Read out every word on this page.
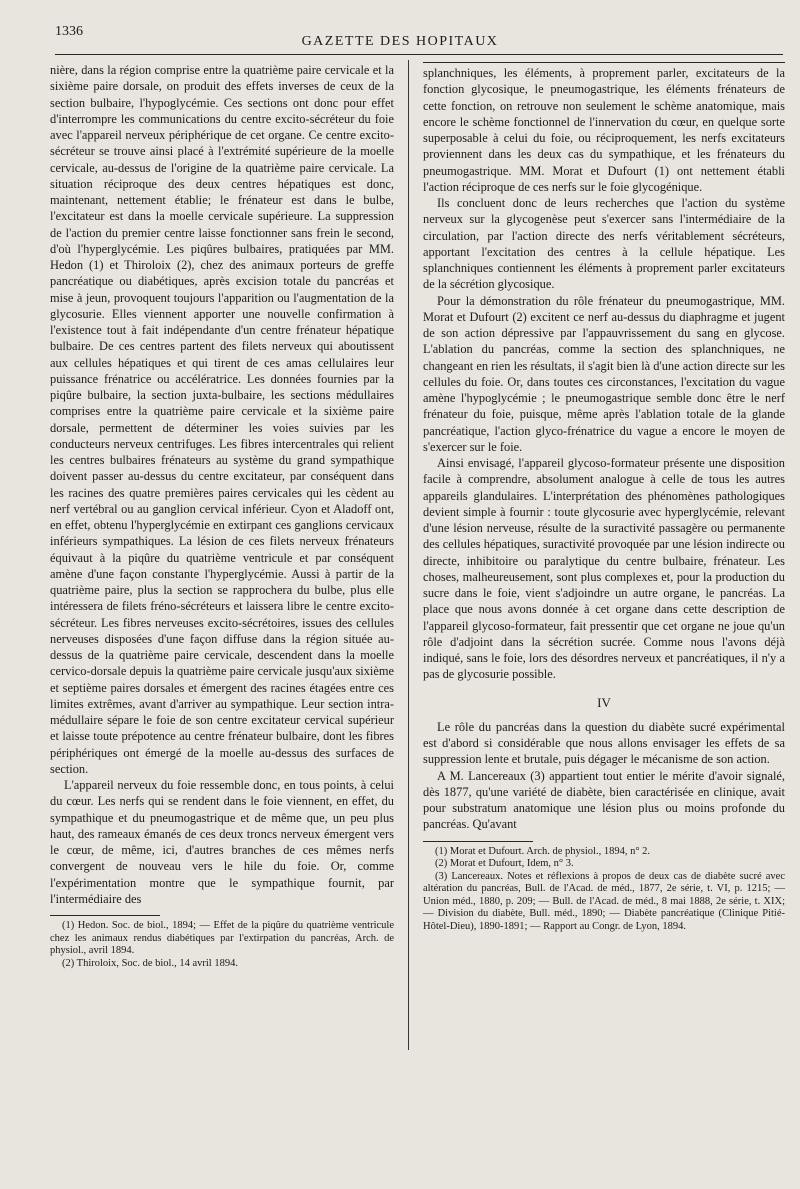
1336
GAZETTE DES HOPITAUX

nière, dans la région comprise entre la quatrième paire cervicale et la sixième paire dorsale, on produit des effets inverses de ceux de la section bulbaire, l'hypoglycémie. Ces sections ont donc pour effet d'interrompre les communications du centre excito-sécréteur du foie avec l'appareil nerveux périphérique de cet organe. Ce centre excito-sécréteur se trouve ainsi placé à l'extrémité supérieure de la moelle cervicale, au-dessus de l'origine de la quatrième paire cervicale. La situation réciproque des deux centres hépatiques est donc, maintenant, nettement établie; le frénateur est dans le bulbe, l'excitateur est dans la moelle cervicale supérieure. La suppression de l'action du premier centre laisse fonctionner sans frein le second, d'où l'hyperglycémie. Les piqûres bulbaires, pratiquées par MM. Hedon (1) et Thiroloix (2), chez des animaux porteurs de greffe pancréatique ou diabétiques, après excision totale du pancréas et mise à jeun, provoquent toujours l'apparition ou l'augmentation de la glycosurie. Elles viennent apporter une nouvelle confirmation à l'existence tout à fait indépendante d'un centre frénateur hépatique bulbaire. De ces centres partent des filets nerveux qui aboutissent aux cellules hépatiques et qui tirent de ces amas cellulaires leur puissance frénatrice ou accélératrice. Les données fournies par la piqûre bulbaire, la section juxta-bulbaire, les sections médullaires comprises entre la quatrième paire cervicale et la sixième paire dorsale, permettent de déterminer les voies suivies par les conducteurs nerveux centrifuges. Les fibres intercentrales qui relient les centres bulbaires frénateurs au système du grand sympathique doivent passer au-dessus du centre excitateur, par conséquent dans les racines des quatre premières paires cervicales qui les cèdent au nerf vertébral ou au ganglion cervical inférieur. Cyon et Aladoff ont, en effet, obtenu l'hyperglycémie en extirpant ces ganglions cervicaux inférieurs sympathiques. La lésion de ces filets nerveux frénateurs équivaut à la piqûre du quatrième ventricule et par conséquent amène d'une façon constante l'hyperglycémie. Aussi à partir de la quatrième paire, plus la section se rapprochera du bulbe, plus elle intéressera de filets fréno-sécréteurs et laissera libre le centre excito-sécréteur. Les fibres nerveuses excito-sécrétoires, issues des cellules nerveuses disposées d'une façon diffuse dans la région située au-dessus de la quatrième paire cervicale, descendent dans la moelle cervico-dorsale depuis la quatrième paire cervicale jusqu'aux sixième et septième paires dorsales et émergent des racines étagées entre ces limites extrêmes, avant d'arriver au sympathique. Leur section intra-médullaire sépare le foie de son centre excitateur cervical supérieur et laisse toute prépotence au centre frénateur bulbaire, dont les fibres périphériques ont émergé de la moelle au-dessus des surfaces de section.

L'appareil nerveux du foie ressemble donc, en tous points, à celui du cœur. Les nerfs qui se rendent dans le foie viennent, en effet, du sympathique et du pneumogastrique et de même que, un peu plus haut, des rameaux émanés de ces deux troncs nerveux émergent vers le cœur, de même, ici, d'autres branches de ces mêmes nerfs convergent de nouveau vers le hile du foie. Or, comme l'expérimentation montre que le sympathique fournit, par l'intermédiaire des

(1) Hedon. Soc. de biol., 1894; — Effet de la piqûre du quatrième ventricule chez les animaux rendus diabétiques par l'extirpation du pancréas, Arch. de physiol., avril 1894.

(2) Thiroloix, Soc. de biol., 14 avril 1894.

splanchniques, les éléments, à proprement parler, excitateurs de la fonction glycosique, le pneumogastrique, les éléments frénateurs de cette fonction, on retrouve non seulement le schème anatomique, mais encore le schème fonctionnel de l'innervation du cœur, en quelque sorte superposable à celui du foie, ou réciproquement, les nerfs excitateurs proviennent dans les deux cas du sympathique, et les frénateurs du pneumogastrique. MM. Morat et Dufourt (1) ont nettement établi l'action réciproque de ces nerfs sur le foie glycogénique.

Ils concluent donc de leurs recherches que l'action du système nerveux sur la glycogenèse peut s'exercer sans l'intermédiaire de la circulation, par l'action directe des nerfs véritablement sécréteurs, apportant l'excitation des centres à la cellule hépatique. Les splanchniques contiennent les éléments à proprement parler excitateurs de la sécrétion glycosique.

Pour la démonstration du rôle frénateur du pneumogastrique, MM. Morat et Dufourt (2) excitent ce nerf au-dessus du diaphragme et jugent de son action dépressive par l'appauvrissement du sang en glycose. L'ablation du pancréas, comme la section des splanchniques, ne changeant en rien les résultats, il s'agit bien là d'une action directe sur les cellules du foie. Or, dans toutes ces circonstances, l'excitation du vague amène l'hypoglycémie ; le pneumogastrique semble donc être le nerf frénateur du foie, puisque, même après l'ablation totale de la glande pancréatique, l'action glyco-frénatrice du vague a encore le moyen de s'exercer sur le foie.

Ainsi envisagé, l'appareil glycoso-formateur présente une disposition facile à comprendre, absolument analogue à celle de tous les autres appareils glandulaires. L'interprétation des phénomènes pathologiques devient simple à fournir : toute glycosurie avec hyperglycémie, relevant d'une lésion nerveuse, résulte de la suractivité passagère ou permanente des cellules hépatiques, suractivité provoquée par une lésion indirecte ou directe, inhibitoire ou paralytique du centre bulbaire, frénateur. Les choses, malheureusement, sont plus complexes et, pour la production du sucre dans le foie, vient s'adjoindre un autre organe, le pancréas. La place que nous avons donnée à cet organe dans cette description de l'appareil glycoso-formateur, fait pressentir que cet organe ne joue qu'un rôle d'adjoint dans la sécrétion sucrée. Comme nous l'avons déjà indiqué, sans le foie, lors des désordres nerveux et pancréatiques, il n'y a pas de glycosurie possible.

IV

Le rôle du pancréas dans la question du diabète sucré expérimental est d'abord si considérable que nous allons envisager les effets de sa suppression lente et brutale, puis dégager le mécanisme de son action.

A M. Lancereaux (3) appartient tout entier le mérite d'avoir signalé, dès 1877, qu'une variété de diabète, bien caractérisée en clinique, avait pour substratum anatomique une lésion plus ou moins profonde du pancréas. Qu'avant

(1) Morat et Dufourt. Arch. de physiol., 1894, n° 2.

(2) Morat et Dufourt, Idem, n° 3.

(3) Lancereaux. Notes et réflexions à propos de deux cas de diabète sucré avec altération du pancréas, Bull. de l'Acad. de méd., 1877, 2e série, t. VI, p. 1215; — Union méd., 1880, p. 209; — Bull. de l'Acad. de méd., 8 mai 1888, 2e série, t. XIX; — Division du diabète, Bull. méd., 1890; — Diabète pancréatique (Clinique Pitié-Hôtel-Dieu), 1890-1891; — Rapport au Congr. de Lyon, 1894.
